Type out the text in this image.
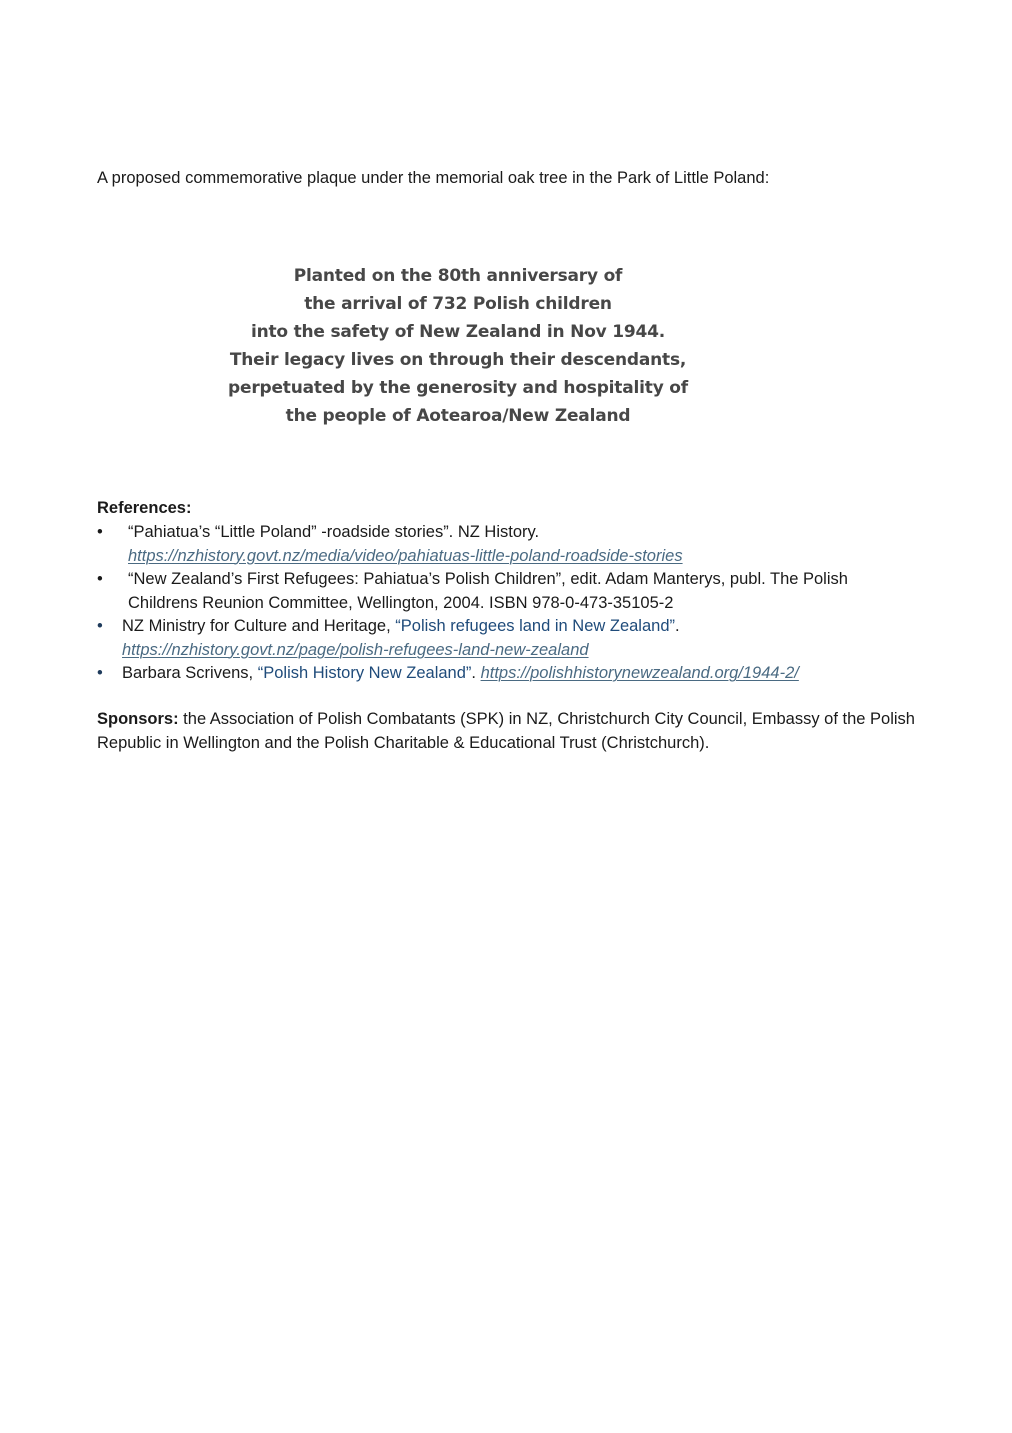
A proposed commemorative plaque under the memorial oak tree in the Park of Little Poland:

Planted on the 80th anniversary of
the arrival of 732 Polish children
into the safety of New Zealand in Nov 1944.
Their legacy lives on through their descendants,
perpetuated by the generosity and hospitality of
the people of Aotearoa/New Zealand

References:

•	“Pahiatua’s “Little Poland” -roadside stories”. NZ History.
https://nzhistory.govt.nz/media/video/pahiatuas-little-poland-roadside-stories
•	“New Zealand’s First Refugees: Pahiatua’s Polish Children”, edit. Adam Manterys, publ. The Polish
Childrens Reunion Committee, Wellington, 2004. ISBN 978-0-473-35105-2
•	NZ Ministry for Culture and Heritage, “Polish refugees land in New Zealand”.
https://nzhistory.govt.nz/page/polish-refugees-land-new-zealand
•	Barbara Scrivens, “Polish History New Zealand”. https://polishhistorynewzealand.org/1944-2/

Sponsors: the Association of Polish Combatants (SPK) in NZ, Christchurch City Council, Embassy of the Polish Republic in Wellington and the Polish Charitable & Educational Trust (Christchurch).
